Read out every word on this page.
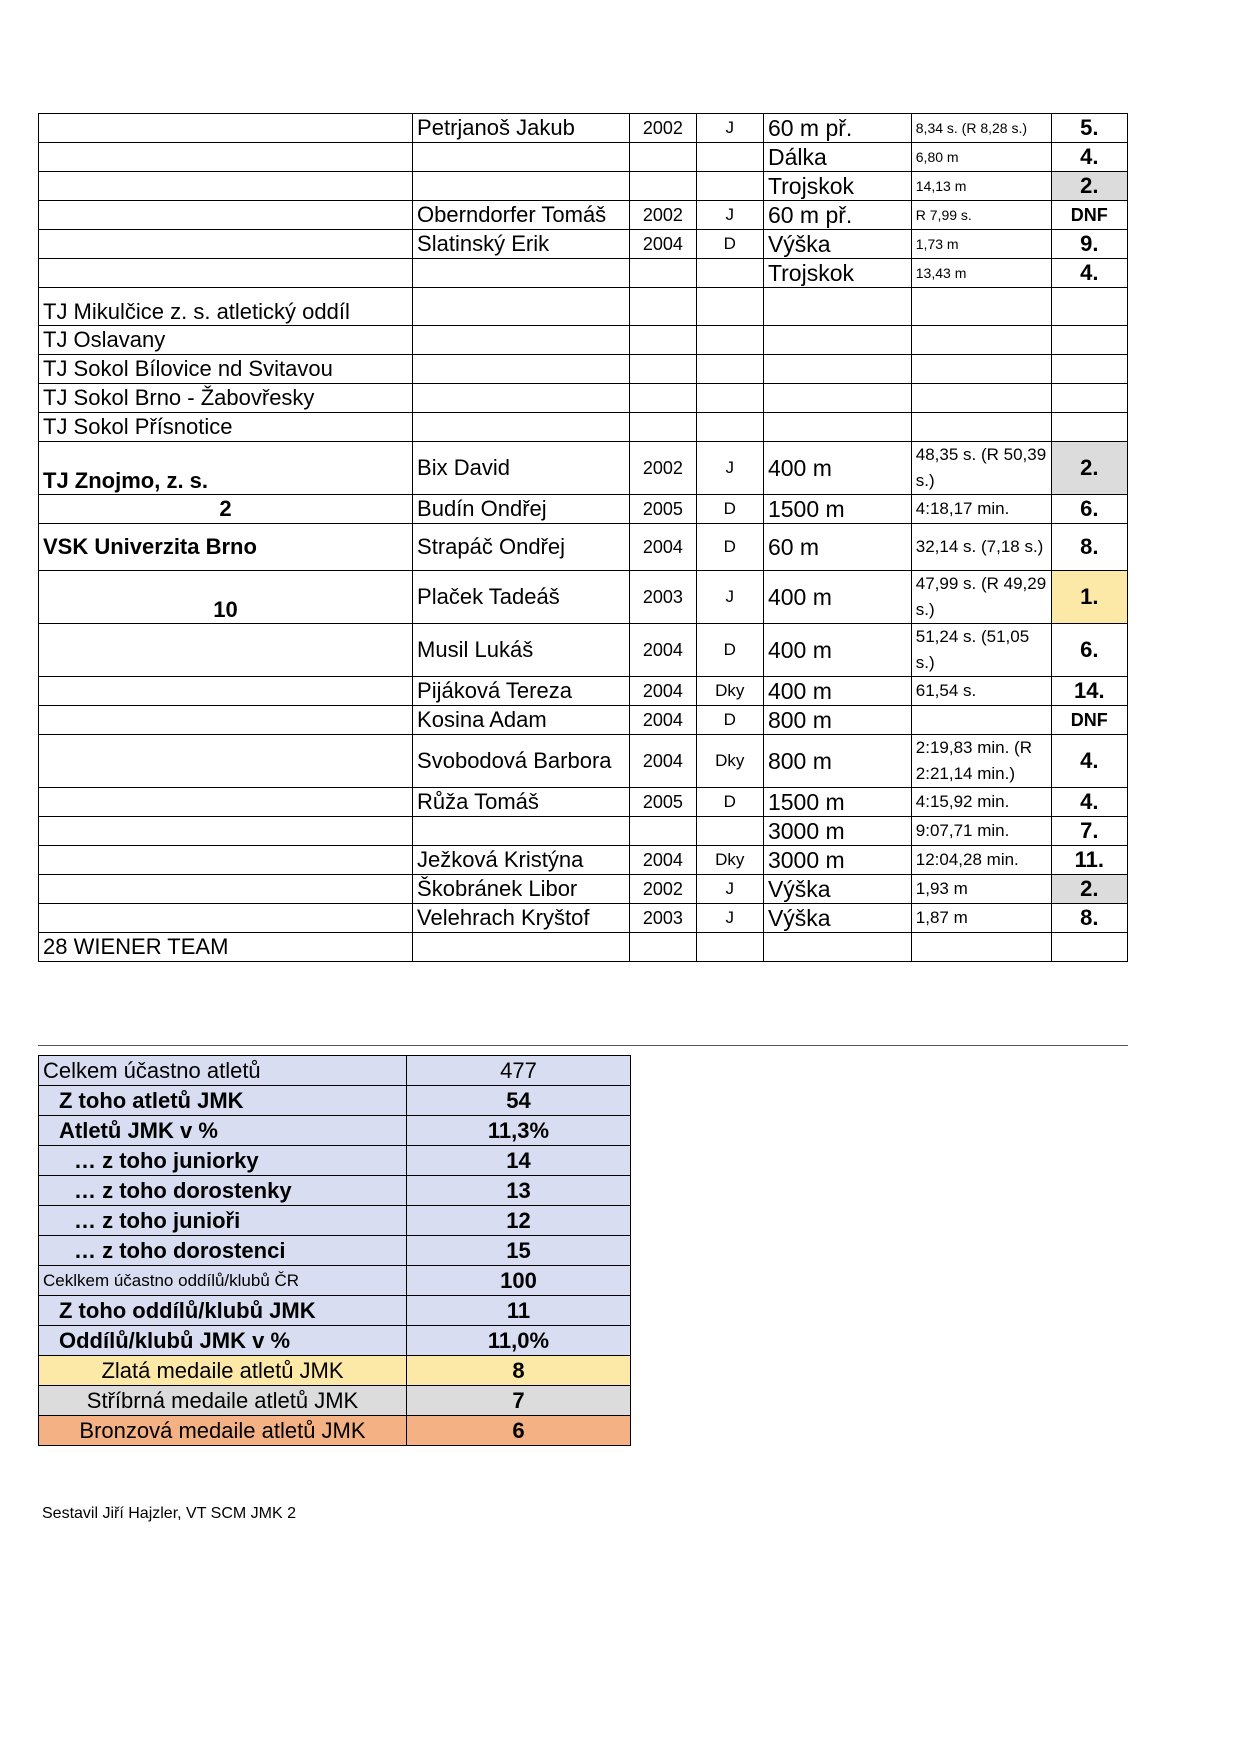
	Petrjanoš Jakub	2002	J	60 m př.	8,34 s. (R 8,28 s.)	5.
				Dálka	6,80 m	4.
				Trojskok	14,13 m	2.
	Oberndorfer Tomáš	2002	J	60 m př.	R 7,99 s.	DNF
	Slatinský Erik	2004	D	Výška	1,73 m	9.
				Trojskok	13,43 m	4.
TJ Mikulčice z. s. atletický oddíl						
TJ Oslavany						
TJ Sokol Bílovice nd Svitavou						
TJ Sokol Brno - Žabovřesky						
TJ Sokol Přísnotice						
TJ Znojmo, z. s.	Bix David	2002	J	400 m	48,35 s. (R 50,39 s.)	2.
2	Budín Ondřej	2005	D	1500 m	4:18,17 min.	6.
VSK Univerzita Brno	Strapáč Ondřej	2004	D	60 m	32,14 s. (7,18 s.)	8.
10	Plaček Tadeáš	2003	J	400 m	47,99 s. (R 49,29 s.)	1.
	Musil Lukáš	2004	D	400 m	51,24 s. (51,05 s.)	6.
	Pijáková Tereza	2004	Dky	400 m	61,54 s.	14.
	Kosina Adam	2004	D	800 m		DNF
	Svobodová Barbora	2004	Dky	800 m	2:19,83 min. (R 2:21,14 min.)	4.
	Růža Tomáš	2005	D	1500 m	4:15,92 min.	4.
				3000 m	9:07,71 min.	7.
	Ježková Kristýna	2004	Dky	3000 m	12:04,28 min.	11.
	Škobránek Libor	2002	J	Výška	1,93 m	2.
	Velehrach Kryštof	2003	J	Výška	1,87 m	8.
28 WIENER TEAM						
Celkem účastno atletů	477
Z toho atletů JMK	54
Atletů JMK v %	11,3%
… z toho juniorky	14
… z toho dorostenky	13
… z toho junioři	12
… z toho dorostenci	15
Ceklkem účastno oddílů/klubů ČR	100
Z toho oddílů/klubů JMK	11
Oddílů/klubů JMK v %	11,0%
Zlatá medaile atletů JMK	8
Stříbrná medaile atletů JMK	7
Bronzová medaile atletů JMK	6
Sestavil Jiří Hajzler, VT SCM JMK 2
